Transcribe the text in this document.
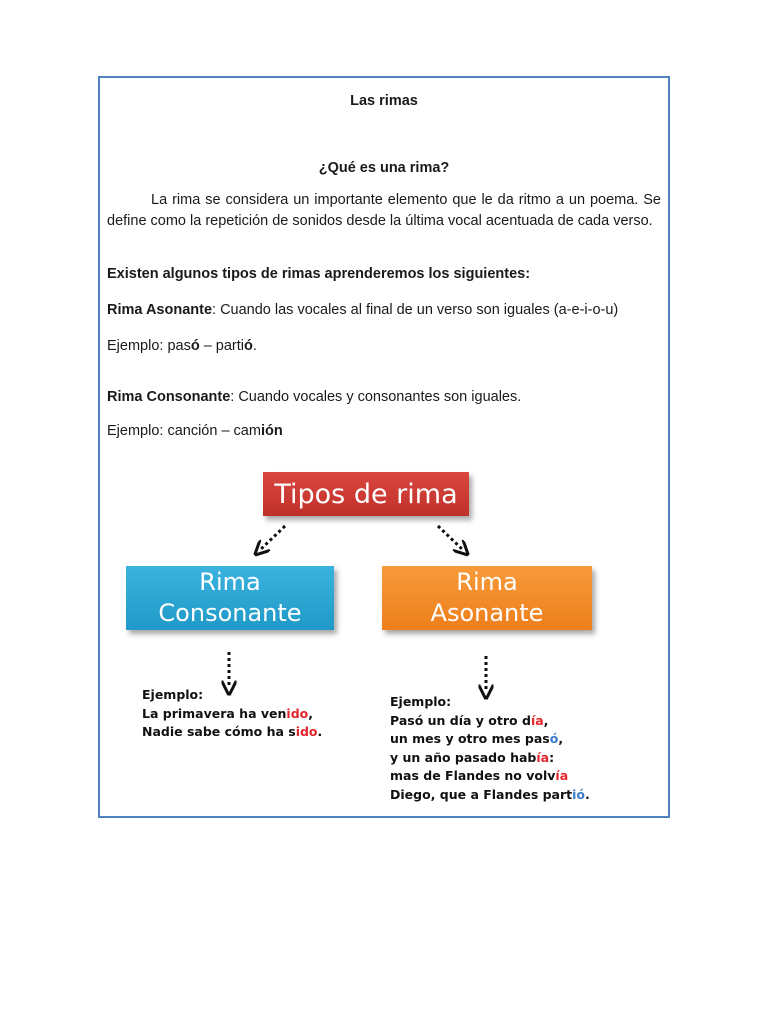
Las rimas
¿Qué es una rima?
La rima se considera un importante elemento que le da ritmo a un poema. Se define como la repetición de sonidos desde la última vocal acentuada de cada verso.
Existen algunos tipos de rimas aprenderemos los siguientes:
Rima Asonante: Cuando las vocales al final de un verso son iguales (a-e-i-o-u)
Ejemplo: pasó – partió.
Rima Consonante: Cuando vocales y consonantes son iguales.
Ejemplo: canción – camión
Tipos de rima
Rima
Consonante
Rima
Asonante
Ejemplo:
La primavera ha venido,
Nadie sabe cómo ha sido.
Ejemplo:
Pasó un día y otro día,
un mes y otro mes pasó,
y un año pasado había:
mas de Flandes no volvía
Diego, que a Flandes partió.
